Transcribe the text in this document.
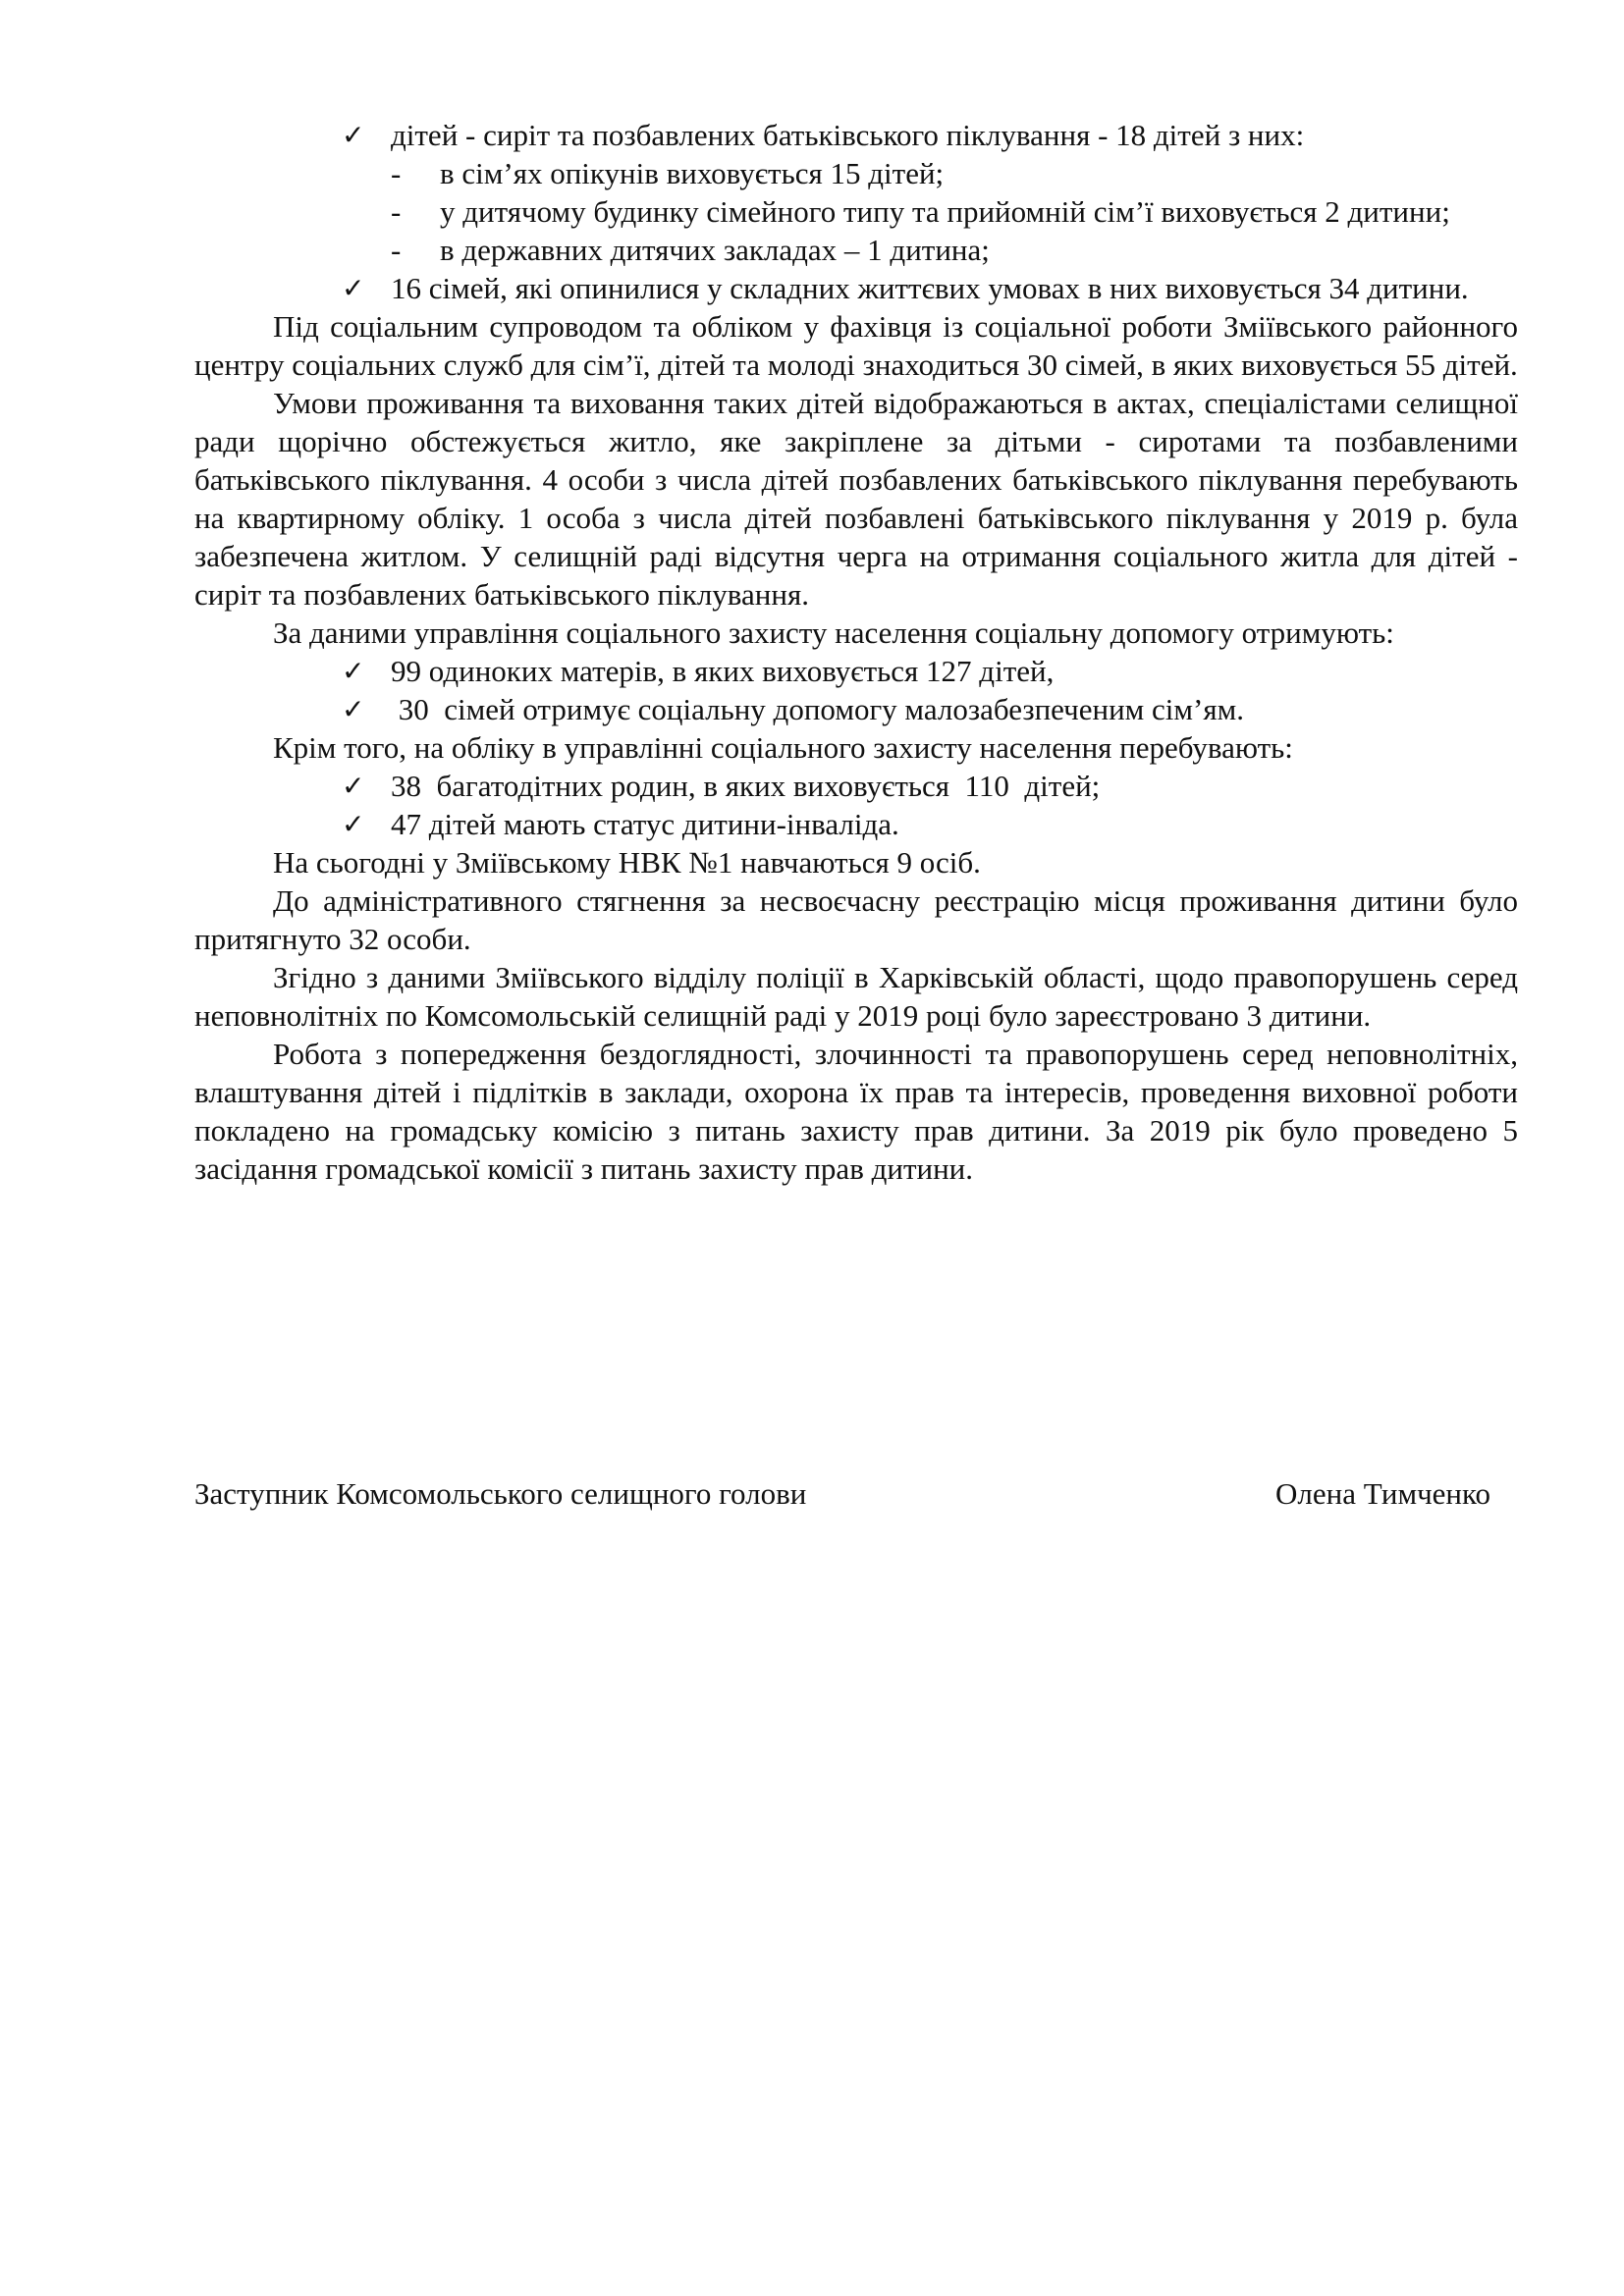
✓ дітей - сиріт та позбавлених батьківського піклування - 18 дітей з них:
- в сім’ях опікунів виховується 15 дітей;
- у дитячому будинку сімейного типу та прийомній сім’ї виховується 2 дитини;
- в державних дитячих закладах – 1 дитина;
✓ 16 сімей, які опинилися у складних життєвих умовах в них виховується 34 дитини.
Під соціальним супроводом та обліком у фахівця із соціальної роботи Зміївського районного центру соціальних служб для сім’ї, дітей та молоді знаходиться 30 сімей, в яких виховується 55 дітей.
Умови проживання та виховання таких дітей відображаються в актах, спеціалістами селищної ради щорічно обстежується житло, яке закріплене за дітьми - сиротами та позбавленими батьківського піклування. 4 особи з числа дітей позбавлених батьківського піклування перебувають на квартирному обліку. 1 особа з числа дітей позбавлені батьківського піклування у 2019 р. була забезпечена житлом. У селищній раді відсутня черга на отримання соціального житла для дітей - сиріт та позбавлених батьківського піклування.
За даними управління соціального захисту населення соціальну допомогу отримують:
✓ 99 одиноких матерів, в яких виховується 127 дітей,
✓ 30  сімей отримує соціальну допомогу малозабезпеченим сім’ям.
Крім того, на обліку в управлінні соціального захисту населення перебувають:
✓ 38  багатодітних родин, в яких виховується  110  дітей;
✓ 47 дітей мають статус дитини-інваліда.
На сьогодні у Зміївському НВК №1 навчаються 9 осіб.
До адміністративного стягнення за несвоєчасну реєстрацію місця проживання дитини було притягнуто 32 особи.
Згідно з даними Зміївського відділу поліції в Харківській області, щодо правопорушень серед неповнолітніх по Комсомольській селищній раді у 2019 році було зареєстровано 3 дитини.
Робота з попередження бездоглядності, злочинності та правопорушень серед неповнолітніх, влаштування дітей і підлітків в заклади, охорона їх прав та інтересів, проведення виховної роботи покладено на громадську комісію з питань захисту прав дитини. За 2019 рік було проведено 5 засідання громадської комісії з питань захисту прав дитини.
Заступник Комсомольського селищного голови	Олена Тимченко
